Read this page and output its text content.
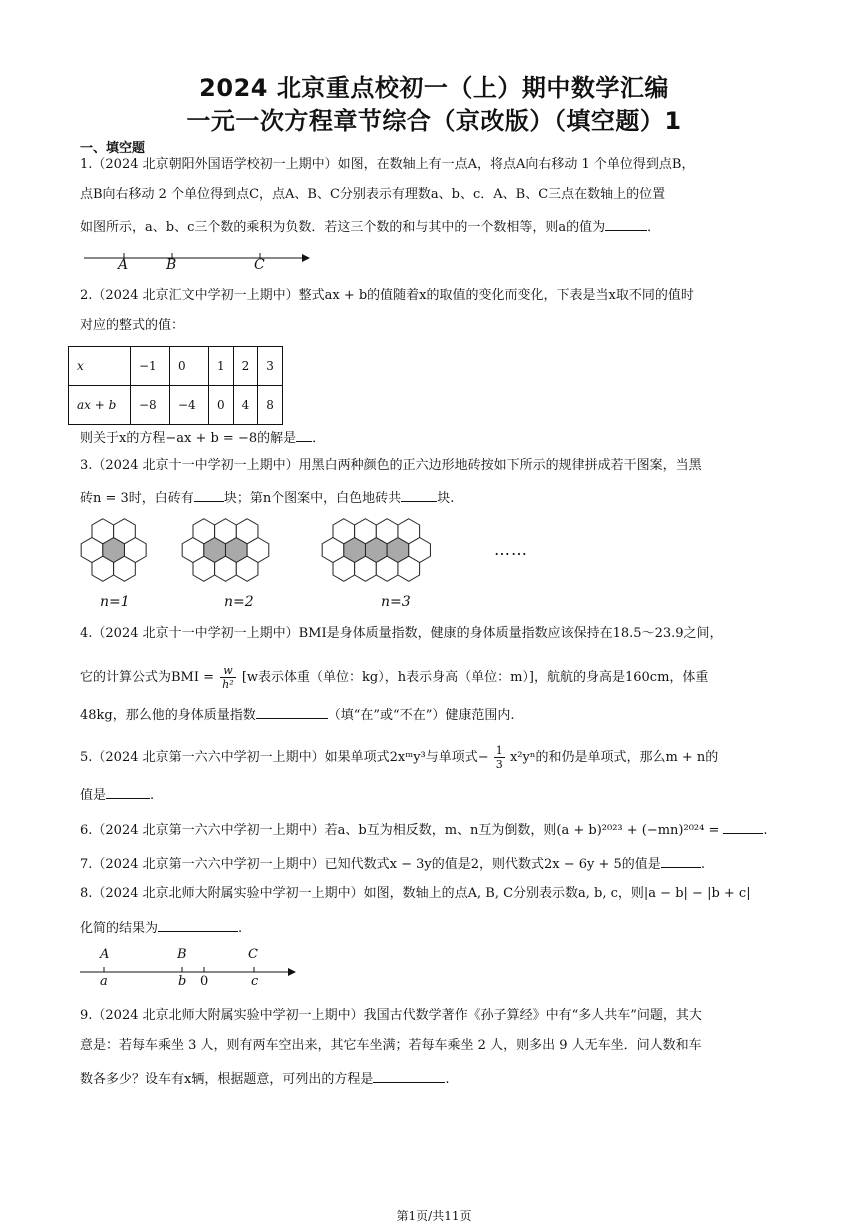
2024 北京重点校初一（上）期中数学汇编
一元一次方程章节综合（京改版）（填空题）1
一、填空题
1.（2024 北京朝阳外国语学校初一上期中）如图，在数轴上有一点A，将点A向右移动 1 个单位得到点B，
点B向右移动 2 个单位得到点C，点A、B、C分别表示有理数a、b、c．A、B、C三点在数轴上的位置
如图所示，a、b、c三个数的乘积为负数．若这三个数的和与其中的一个数相等，则a的值为	．
A	B	C
2.（2024 北京汇文中学初一上期中）整式ax + b的值随着x的取值的变化而变化，下表是当x取不同的值时
对应的整式的值：
x	−1	0	1	2	3
ax + b	−8	−4	0	4	8
则关于x的方程−ax + b = −8的解是 ．
3.（2024 北京十一中学初一上期中）用黑白两种颜色的正六边形地砖按如下所示的规律拼成若干图案，当黑
砖n = 3时，白砖有 块；第n个图案中，白色地砖共	块.
……
n=1	n=2	n=3
4.（2024 北京十一中学初一上期中）BMI是身体质量指数，健康的身体质量指数应该保持在18.5～23.9之间，
它的计算公式为BMI = $\frac{w}{\text{h²}} [w$表示体重（单位：kg），h表示身高（单位：m）]，航航的身高是160cm，体重
48kg，那么他的身体质量指数	（填“在”或“不在”）健康范围内.
5.（2024 北京第一六六中学初一上期中）如果单项式2xᵐy³与单项式− $\frac{1}{3} x^2y^n$的和仍是单项式，那么m + n的
值是	.
6.（2024 北京第一六六中学初一上期中）若a、b互为相反数，m、n互为倒数，则(a + b)²⁰²³ + (−mn)²⁰²⁴ =	.
7.（2024 北京第一六六中学初一上期中）已知代数式x − 3y的值是2，则代数式2x − 6y + 5的值是	.
8.（2024 北京北师大附属实验中学初一上期中）如图，数轴上的点A, B, C分别表示数a, b, c，则|a − b| − |b + c|
化简的结果为	.
A	B	C
a	b 0	c
9.（2024 北京北师大附属实验中学初一上期中）我国古代数学著作《孙子算经》中有“多人共车”问题，其大
意是：若每车乘坐 3 人，则有两车空出来，其它车坐满；若每车乘坐 2 人，则多出 9 人无车坐．问人数和车
数各多少？设车有x辆，根据题意，可列出的方程是	.
第1页/共11页
